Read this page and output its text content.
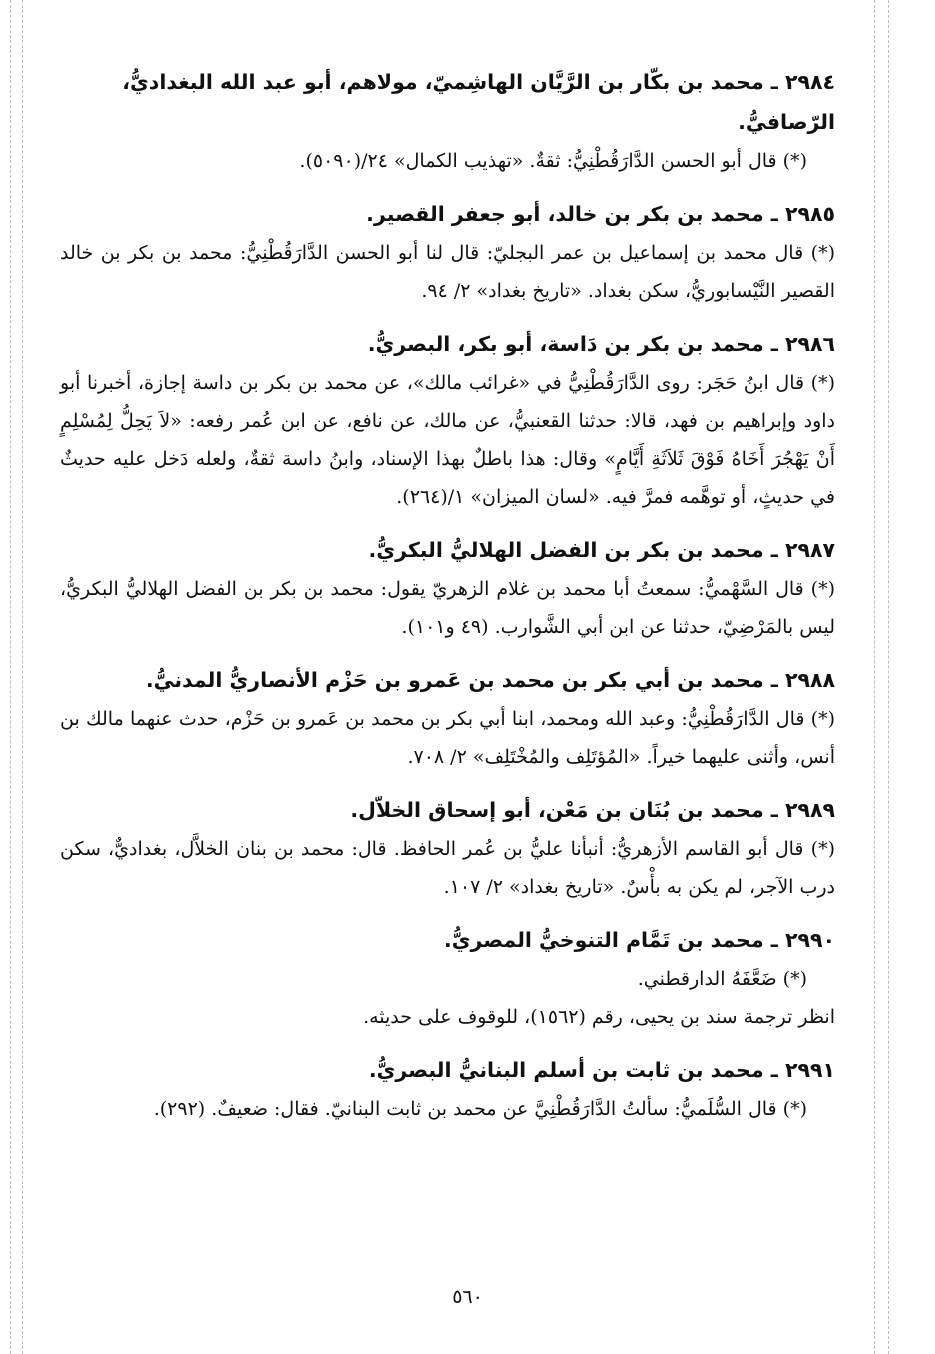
٢٩٨٤ ـ محمد بن بكّار بن الرَّيَّان الهاشِميّ، مولاهم، أبو عبد الله البغداديُّ، الرّصافيُّ.

(*) قال أبو الحسن الدَّارَقُطْنِيُّ: ثقةٌ. «تهذيب الكمال» ٢٤/(٥٠٩٠).

٢٩٨٥ ـ محمد بن بكر بن خالد، أبو جعفر القصير.

(*) قال محمد بن إسماعيل بن عمر البجليّ: قال لنا أبو الحسن الدَّارَقُطْنِيُّ: محمد بن بكر بن خالد القصير النَّيْسابوريُّ، سكن بغداد. «تاريخ بغداد» ٢/ ٩٤.

٢٩٨٦ ـ محمد بن بكر بن دَاسة، أبو بكر، البصريُّ.

(*) قال ابنُ حَجَر: روى الدَّارَقُطْنِيُّ في «غرائب مالك»، عن محمد بن بكر بن داسة إجازة، أخبرنا أبو داود وإبراهيم بن فهد، قالا: حدثنا القعنبيُّ، عن مالك، عن نافع، عن ابن عُمر رفعه: «لاَ يَحِلُّ لِمُسْلِمٍ أَنْ يَهْجُرَ أَخَاهُ فَوْقَ ثَلاَثَةِ أَيَّامٍ» وقال: هذا باطلٌ بهذا الإسناد، وابنُ داسة ثقةٌ، ولعله دَخل عليه حديثٌ في حديثٍ، أو توهَّمه فمرَّ فيه. «لسان الميزان» ١/(٢٦٤).

٢٩٨٧ ـ محمد بن بكر بن الفضل الهلاليُّ البكريُّ.

(*) قال السَّهْميُّ: سمعتُ أبا محمد بن غلام الزهريّ يقول: محمد بن بكر بن الفضل الهلاليُّ البكريُّ، ليس بالمَرْضِيّ، حدثنا عن ابن أبي الشَّوارب. (٤٩ و١٠١).

٢٩٨٨ ـ محمد بن أبي بكر بن محمد بن عَمرو بن حَزْم الأنصاريُّ المدنيُّ.

(*) قال الدَّارَقُطْنِيُّ: وعبد الله ومحمد، ابنا أبي بكر بن محمد بن عَمرو بن حَزْم، حدث عنهما مالك بن أنس، وأثنى عليهما خيراً. «المُؤتَلِف والمُخْتَلِف» ٢/ ٧٠٨.

٢٩٨٩ ـ محمد بن بُنَان بن مَعْن، أبو إسحاق الخلاّل.

(*) قال أبو القاسم الأزهريُّ: أنبأنا عليُّ بن عُمر الحافظ. قال: محمد بن بنان الخلاَّل، بغداديٌّ، سكن درب الآجر، لم يكن به بأْسٌ. «تاريخ بغداد» ٢/ ١٠٧.

٢٩٩٠ ـ محمد بن تَمَّام التنوخيُّ المصريُّ.

(*) ضَعَّفَهُ الدارقطني.

انظر ترجمة سند بن يحيى، رقم (١٥٦٢)، للوقوف على حديثه.

٢٩٩١ ـ محمد بن ثابت بن أسلم البنانيُّ البصريُّ.

(*) قال السُّلَميُّ: سألتُ الدَّارَقُطْنِيَّ عن محمد بن ثابت البنانيّ. فقال: ضعيفٌ. (٢٩٢).

٥٦٠
